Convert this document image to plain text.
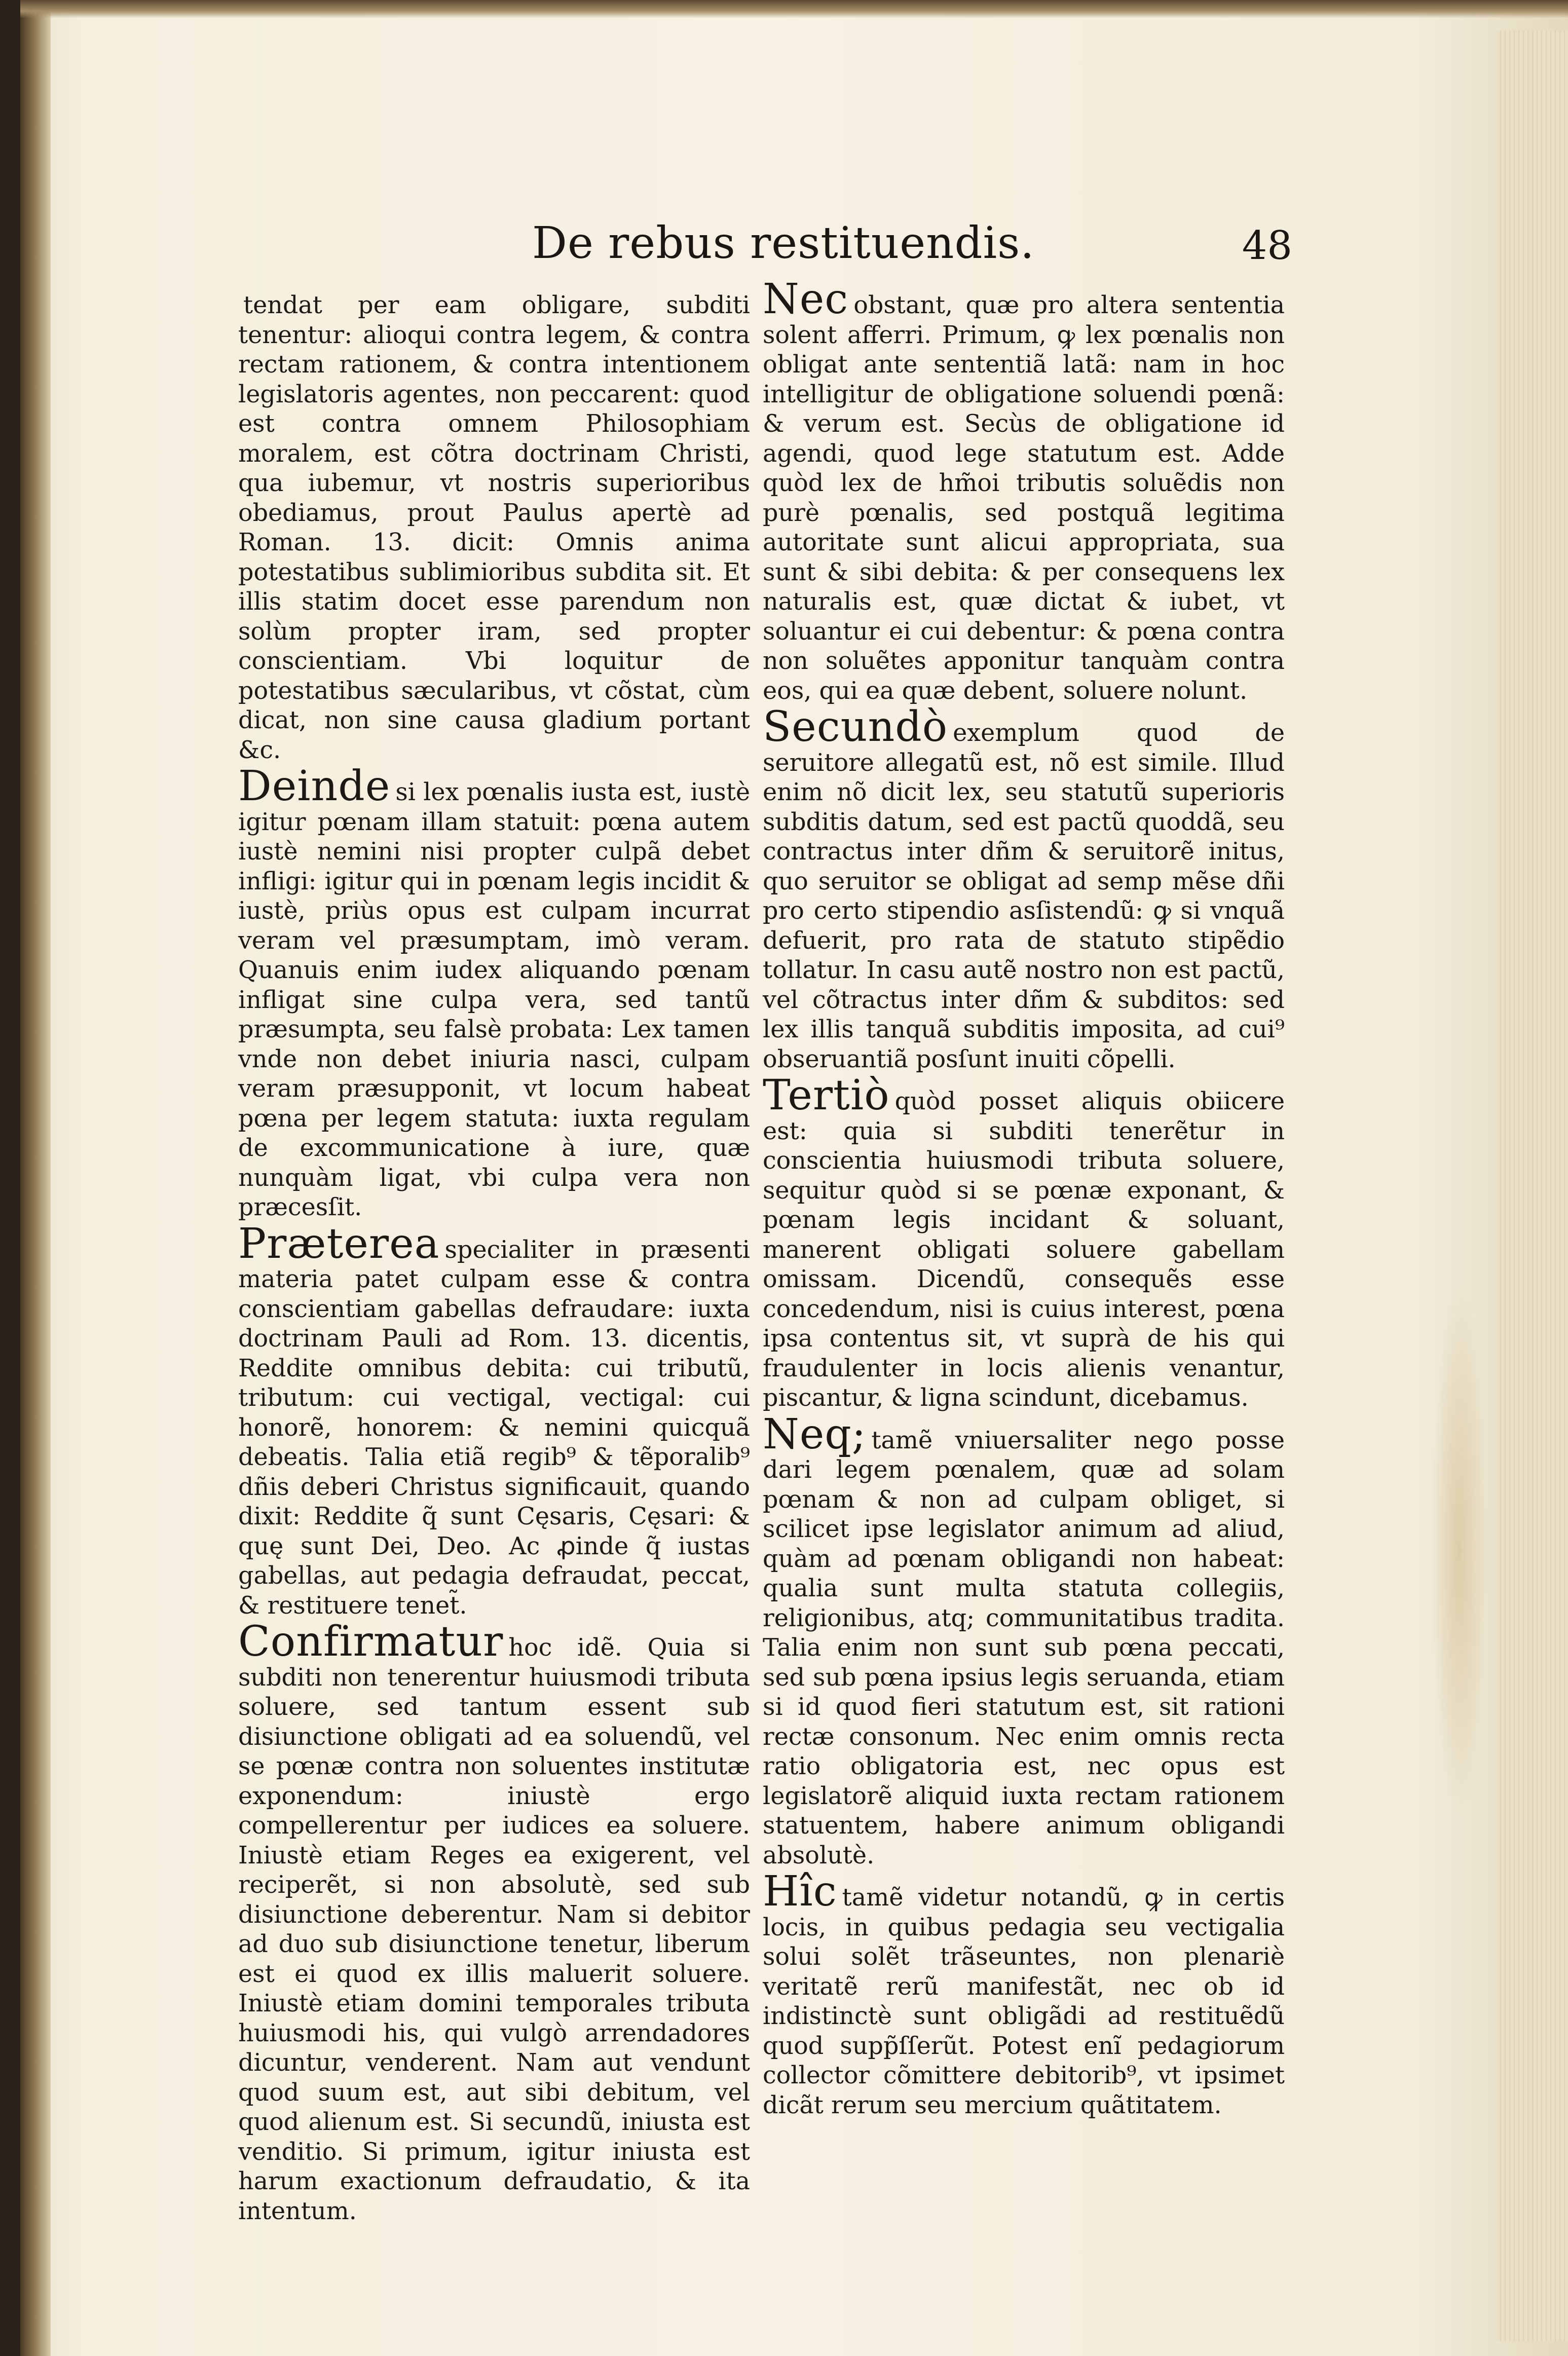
De rebus restituendis.	48

tendat per eam obligare, subditi tenentur: alioqui contra legem, & contra rectam rationem, & contra intentionem legislatoris agentes, non peccarent: quod est contra omnem Philosophiam moralem, est cõtra doctrinam Christi, qua iubemur, vt nostris superioribus obediamus, prout Paulus apertè ad Roman. 13. dicit: Omnis anima potestatibus sublimioribus subdita sit. Et illis statim docet esse parendum non solùm propter iram, sed propter conscientiam. Vbi loquitur de potestatibus sæcularibus, vt cõstat, cùm dicat, non sine causa gladium portant &c.

Deinde si lex pœnalis iusta est, iustè igitur pœnam illam statuit: pœna autem iustè nemini nisi propter culpã debet infligi: igitur qui in pœnam legis incidit & iustè, priùs opus est culpam incurrat veram vel præsumptam, imò veram. Quanuis enim iudex aliquando pœnam infligat sine culpa vera, sed tantũ præsumpta, seu falsè probata: Lex tamen vnde non debet iniuria nasci, culpam veram præsupponit, vt locum habeat pœna per legem statuta: iuxta regulam de excommunicatione à iure, quæ nunquàm ligat, vbi culpa vera non præcesſit.

Præterea specialiter in præsenti materia patet culpam esse & contra conscientiam gabellas defraudare: iuxta doctrinam Pauli ad Rom. 13. dicentis, Reddite omnibus debita: cui tributũ, tributum: cui vectigal, vectigal: cui honorẽ, honorem: & nemini quicquã debeatis. Talia etiã regib⁹ & tẽporalib⁹ dñis deberi Christus significauit, quando dixit: Reddite q̃ sunt Cęsaris, Cęsari: & quę sunt Dei, Deo. Ac ꝓinde q̃ iustas gabellas, aut pedagia defraudat, peccat, & restituere tenet̃.

Confirmatur hoc idẽ. Quia si subditi non tenerentur huiusmodi tributa soluere, sed tantum essent sub disiunctione obligati ad ea soluendũ, vel se pœnæ contra non soluentes institutæ exponendum: iniustè ergo compellerentur per iudices ea soluere. Iniustè etiam Reges ea exigerent, vel reciperẽt, si non absolutè, sed sub disiunctione deberentur. Nam si debitor ad duo sub disiunctione tenetur, liberum est ei quod ex illis maluerit soluere. Iniustè etiam domini temporales tributa huiusmodi his, qui vulgò arrendadores dicuntur, venderent. Nam aut vendunt quod suum est, aut sibi debitum, vel quod alienum est. Si secundũ, iniusta est venditio. Si primum, igitur iniusta est harum exactionum defraudatio, & ita intentum.

Nec obstant, quæ pro altera sententia solent afferri. Primum, ꝙ lex pœnalis non obligat ante sententiã latã: nam in hoc intelligitur de obligatione soluendi pœnã: & verum est. Secùs de obligatione id agendi, quod lege statutum est. Adde quòd lex de hm̃oi tributis soluẽdis non purè pœnalis, sed postquã legitima autoritate sunt alicui appropriata, sua sunt & sibi debita: & per consequens lex naturalis est, quæ dictat & iubet, vt soluantur ei cui debentur: & pœna contra non soluẽtes apponitur tanquàm contra eos, qui ea quæ debent, soluere nolunt.

Secundò exemplum quod de seruitore allegatũ est, nõ est simile. Illud enim nõ dicit lex, seu statutũ superioris subditis datum, sed est pactũ quoddã, seu contractus inter dñm & seruitorẽ initus, quo seruitor se obligat ad semp mẽse dñi pro certo stipendio asſistendũ: ꝙ si vnquã defuerit, pro rata de statuto stipẽdio tollatur. In casu autẽ nostro non est pactũ, vel cõtractus inter dñm & subditos: sed lex illis tanquã subditis imposita, ad cui⁹ obseruantiã posſunt inuiti cõpelli.

Tertiò quòd posset aliquis obiicere est: quia si subditi tenerẽtur in conscientia huiusmodi tributa soluere, sequitur quòd si se pœnæ exponant, & pœnam legis incidant & soluant, manerent obligati soluere gabellam omissam. Dicendũ, consequẽs esse concedendum, nisi is cuius interest, pœna ipsa contentus sit, vt suprà de his qui fraudulenter in locis alienis venantur, piscantur, & ligna scindunt, dicebamus.

Neq; tamẽ vniuersaliter nego posse dari legem pœnalem, quæ ad solam pœnam & non ad culpam obliget, si scilicet ipse legislator animum ad aliud, quàm ad pœnam obligandi non habeat: qualia sunt multa statuta collegiis, religionibus, atq; communitatibus tradita. Talia enim non sunt sub pœna peccati, sed sub pœna ipsius legis seruanda, etiam si id quod fieri statutum est, sit rationi rectæ consonum. Nec enim omnis recta ratio obligatoria est, nec opus est legislatorẽ aliquid iuxta rectam rationem statuentem, habere animum obligandi absolutè.

Hîc tamẽ videtur notandũ, ꝙ in certis locis, in quibus pedagia seu vectigalia solui solẽt trãseuntes, non plenariè veritatẽ rerũ manifestãt, nec ob id indistinctè sunt obligãdi ad restituẽdũ quod supp̃ſſerũt. Potest enĩ pedagiorum collector cõmittere debitorib⁹, vt ipsimet dicãt rerum seu mercium quãtitatem.
